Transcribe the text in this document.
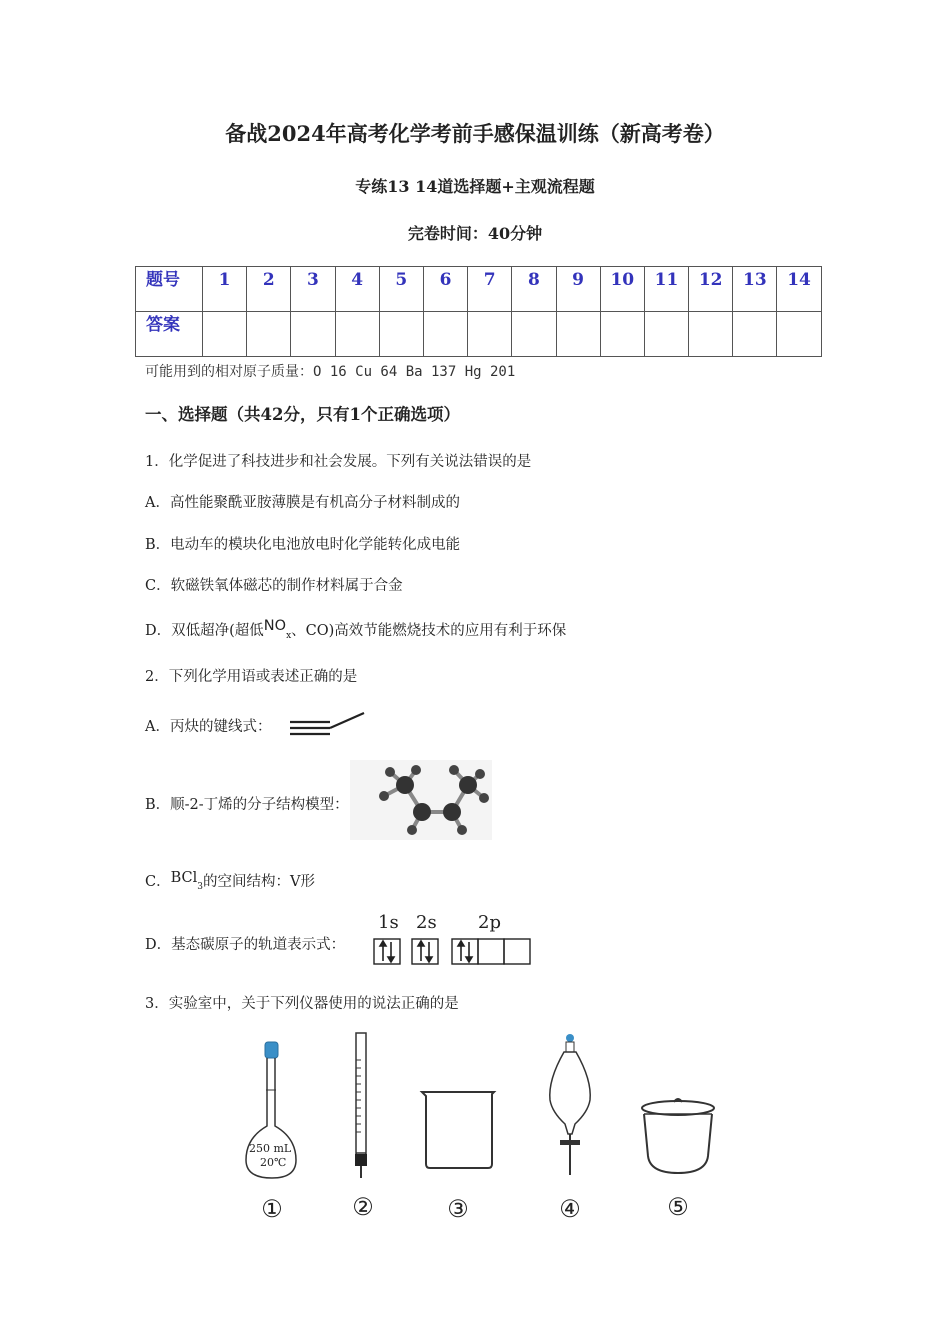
备战2024年高考化学考前手感保温训练（新高考卷）
专练13 14道选择题+主观流程题
完卷时间：40分钟
题号	1	2	3	4	5	6	7	8	9	10	11	12	13	14
答案														
可能用到的相对原子质量：O 16 Cu 64 Ba 137 Hg 201
一、选择题（共42分，只有1个正确选项）
1．化学促进了科技进步和社会发展。下列有关说法错误的是
A．高性能聚酰亚胺薄膜是有机高分子材料制成的
B．电动车的模块化电池放电时化学能转化成电能
C．软磁铁氧体磁芯的制作材料属于合金
D．双低超净(超低$NO_x$、CO)高效节能燃烧技术的应用有利于环保
2．下列化学用语或表述正确的是
A．丙炔的键线式：
B．顺-2-丁烯的分子结构模型：
C．BCl$_3$的空间结构：V形
D．基态碳原子的轨道表示式：
1s 2s 2p
3．实验室中，关于下列仪器使用的说法正确的是
250 mL
20℃
①	②	③	④	⑤
